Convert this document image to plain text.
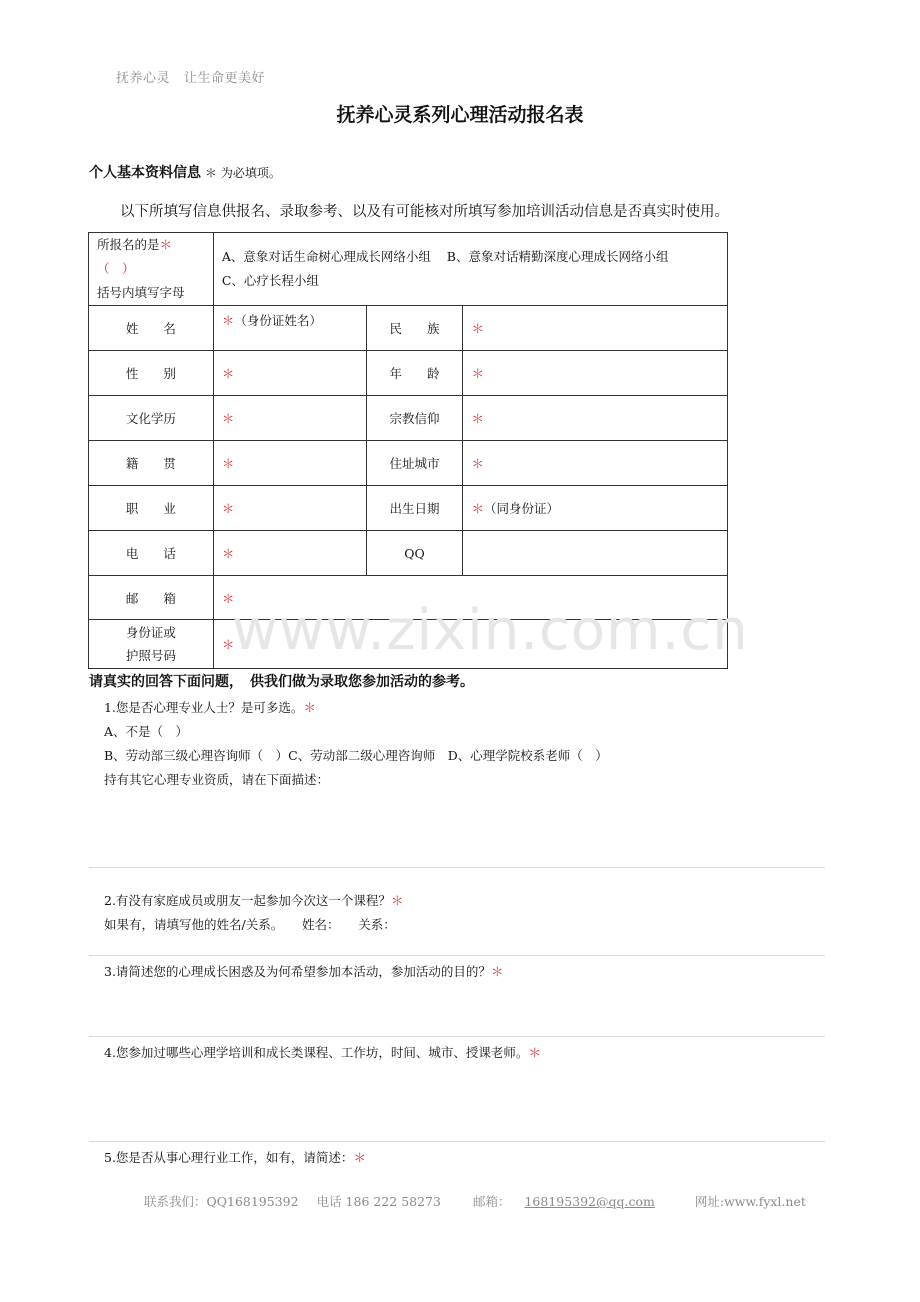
抚养心灵 让生命更美好
抚养心灵系列心理活动报名表
个人基本资料信息 ＊ 为必填项。
以下所填写信息供报名、录取参考、以及有可能核对所填写参加培训活动信息是否真实时使用。
所报名的是＊（　）
括号内填写字母	A、意象对话生命树心理成长网络小组 B、意象对话精勤深度心理成长网络小组
C、心疗长程小组		
姓　　名	＊（身份证姓名）	民　　族	＊
性　　别	＊	年　　龄	＊
文化学历	＊	宗教信仰	＊
籍　　贯	＊	住址城市	＊
职　　业	＊	出生日期	＊（同身份证）
电　　话	＊	QQ	
邮　　箱	＊		
身份证或
护照号码	＊		
www.zixin.com.cn
请真实的回答下面问题，　供我们做为录取您参加活动的参考。
1.您是否心理专业人士？是可多选。＊
A、不是（　）
B、劳动部三级心理咨询师（　）C、劳动部二级心理咨询师　D、心理学院校系老师（　）
持有其它心理专业资质，请在下面描述：
2.有没有家庭成员或朋友一起参加今次这一个课程？＊
如果有，请填写他的姓名/关系。　　姓名：　　关系：
3.请简述您的心理成长困惑及为何希望参加本活动，参加活动的目的？＊
4.您参加过哪些心理学培训和成长类课程、工作坊，时间、城市、授课老师。＊
5.您是否从事心理行业工作，如有，请简述：＊
联系我们：QQ168195392 电话 186 222 58273	邮箱： 168195392@qq.com	网址:www.fyxl.net
